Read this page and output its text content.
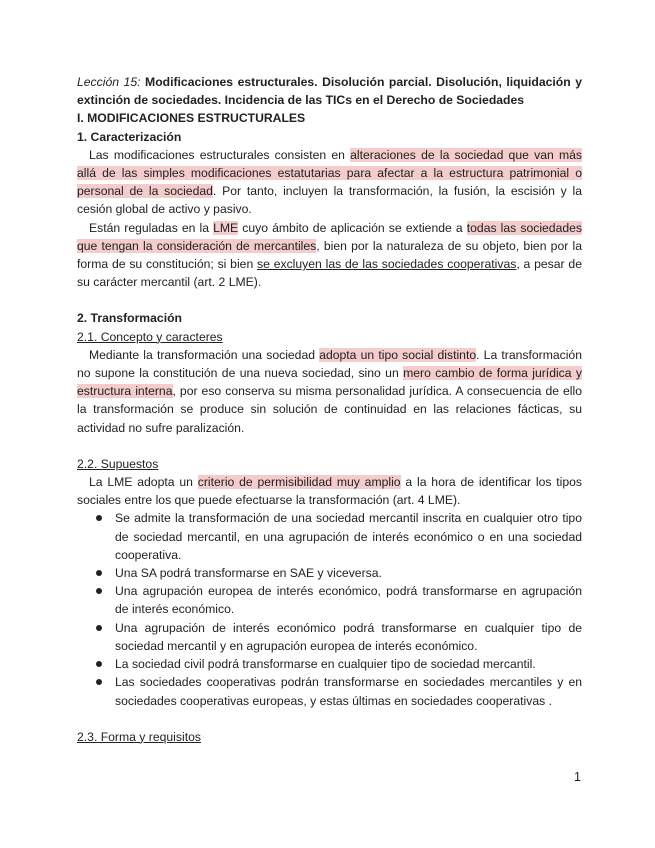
Lección 15: Modificaciones estructurales. Disolución parcial. Disolución, liquidación y extinción de sociedades. Incidencia de las TICs en el Derecho de Sociedades

I. MODIFICACIONES ESTRUCTURALES

1. Caracterización

Las modificaciones estructurales consisten en alteraciones de la sociedad que van más allá de las simples modificaciones estatutarias para afectar a la estructura patrimonial o personal de la sociedad. Por tanto, incluyen la transformación, la fusión, la escisión y la cesión global de activo y pasivo.

Están reguladas en la LME cuyo ámbito de aplicación se extiende a todas las sociedades que tengan la consideración de mercantiles, bien por la naturaleza de su objeto, bien por la forma de su constitución; si bien se excluyen las de las sociedades cooperativas, a pesar de su carácter mercantil (art. 2 LME).

2. Transformación

2.1. Concepto y caracteres

Mediante la transformación una sociedad adopta un tipo social distinto. La transformación no supone la constitución de una nueva sociedad, sino un mero cambio de forma jurídica y estructura interna, por eso conserva su misma personalidad jurídica. A consecuencia de ello la transformación se produce sin solución de continuidad en las relaciones fácticas, su actividad no sufre paralización.

2.2. Supuestos

La LME adopta un criterio de permisibilidad muy amplio a la hora de identificar los tipos sociales entre los que puede efectuarse la transformación (art. 4 LME).

Se admite la transformación de una sociedad mercantil inscrita en cualquier otro tipo de sociedad mercantil, en una agrupación de interés económico o en una sociedad cooperativa.
Una SA podrá transformarse en SAE y viceversa.
Una agrupación europea de interés económico, podrá transformarse en agrupación de interés económico.
Una agrupación de interés económico podrá transformarse en cualquier tipo de sociedad mercantil y en agrupación europea de interés económico.
La sociedad civil podrá transformarse en cualquier tipo de sociedad mercantil.
Las sociedades cooperativas podrán transformarse en sociedades mercantiles y en sociedades cooperativas europeas, y estas últimas en sociedades cooperativas .

2.3. Forma y requisitos

1
